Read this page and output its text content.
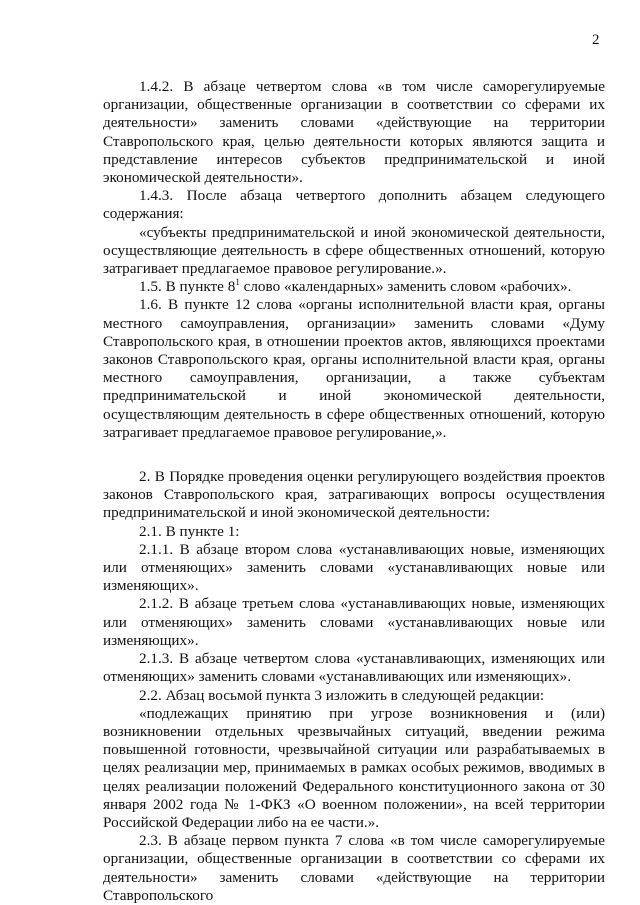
2

1.4.2. В абзаце четвертом слова «в том числе саморегулируемые организации, общественные организации в соответствии со сферами их деятельности» заменить словами «действующие на территории Ставропольского края, целью деятельности которых являются защита и представление интересов субъектов предпринимательской и иной экономической деятельности».

1.4.3. После абзаца четвертого дополнить абзацем следующего содержания:

«субъекты предпринимательской и иной экономической деятельности, осуществляющие деятельность в сфере общественных отношений, которую затрагивает предлагаемое правовое регулирование.».

1.5. В пункте $8^1$ слово «календарных» заменить словом «рабочих».

1.6. В пункте 12 слова «органы исполнительной власти края, органы местного самоуправления, организации» заменить словами «Думу Ставропольского края, в отношении проектов актов, являющихся проектами законов Ставропольского края, органы исполнительной власти края, органы местного самоуправления, организации, а также субъектам предпринимательской и иной экономической деятельности, осуществляющим деятельность в сфере общественных отношений, которую затрагивает предлагаемое правовое регулирование,».

2. В Порядке проведения оценки регулирующего воздействия проектов законов Ставропольского края, затрагивающих вопросы осуществления предпринимательской и иной экономической деятельности:

2.1. В пункте 1:

2.1.1. В абзаце втором слова «устанавливающих новые, изменяющих или отменяющих» заменить словами «устанавливающих новые или изменяющих».

2.1.2. В абзаце третьем слова «устанавливающих новые, изменяющих или отменяющих» заменить словами «устанавливающих новые или изменяющих».

2.1.3. В абзаце четвертом слова «устанавливающих, изменяющих или отменяющих» заменить словами «устанавливающих или изменяющих».

2.2. Абзац восьмой пункта 3 изложить в следующей редакции:

«подлежащих принятию при угрозе возникновения и (или) возникновении отдельных чрезвычайных ситуаций, введении режима повышенной готовности, чрезвычайной ситуации или разрабатываемых в целях реализации мер, принимаемых в рамках особых режимов, вводимых в целях реализации положений Федерального конституционного закона от 30 января 2002 года № 1-ФКЗ «О военном положении», на всей территории Российской Федерации либо на ее части.».

2.3. В абзаце первом пункта 7 слова «в том числе саморегулируемые организации, общественные организации в соответствии со сферами их деятельности» заменить словами «действующие на территории Ставропольского
